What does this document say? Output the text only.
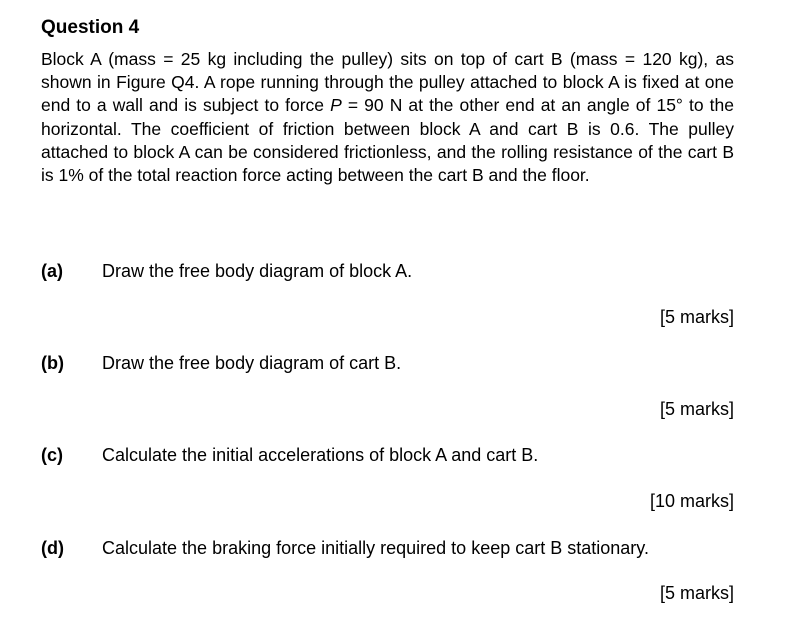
Question 4
Block A (mass = 25 kg including the pulley) sits on top of cart B (mass = 120 kg), as shown in Figure Q4. A rope running through the pulley attached to block A is fixed at one end to a wall and is subject to force P = 90 N at the other end at an angle of 15° to the horizontal. The coefficient of friction between block A and cart B is 0.6. The pulley attached to block A can be considered frictionless, and the rolling resistance of the cart B is 1% of the total reaction force acting between the cart B and the floor.
(a) Draw the free body diagram of block A.
[5 marks]
(b) Draw the free body diagram of cart B.
[5 marks]
(c) Calculate the initial accelerations of block A and cart B.
[10 marks]
(d) Calculate the braking force initially required to keep cart B stationary.
[5 marks]
